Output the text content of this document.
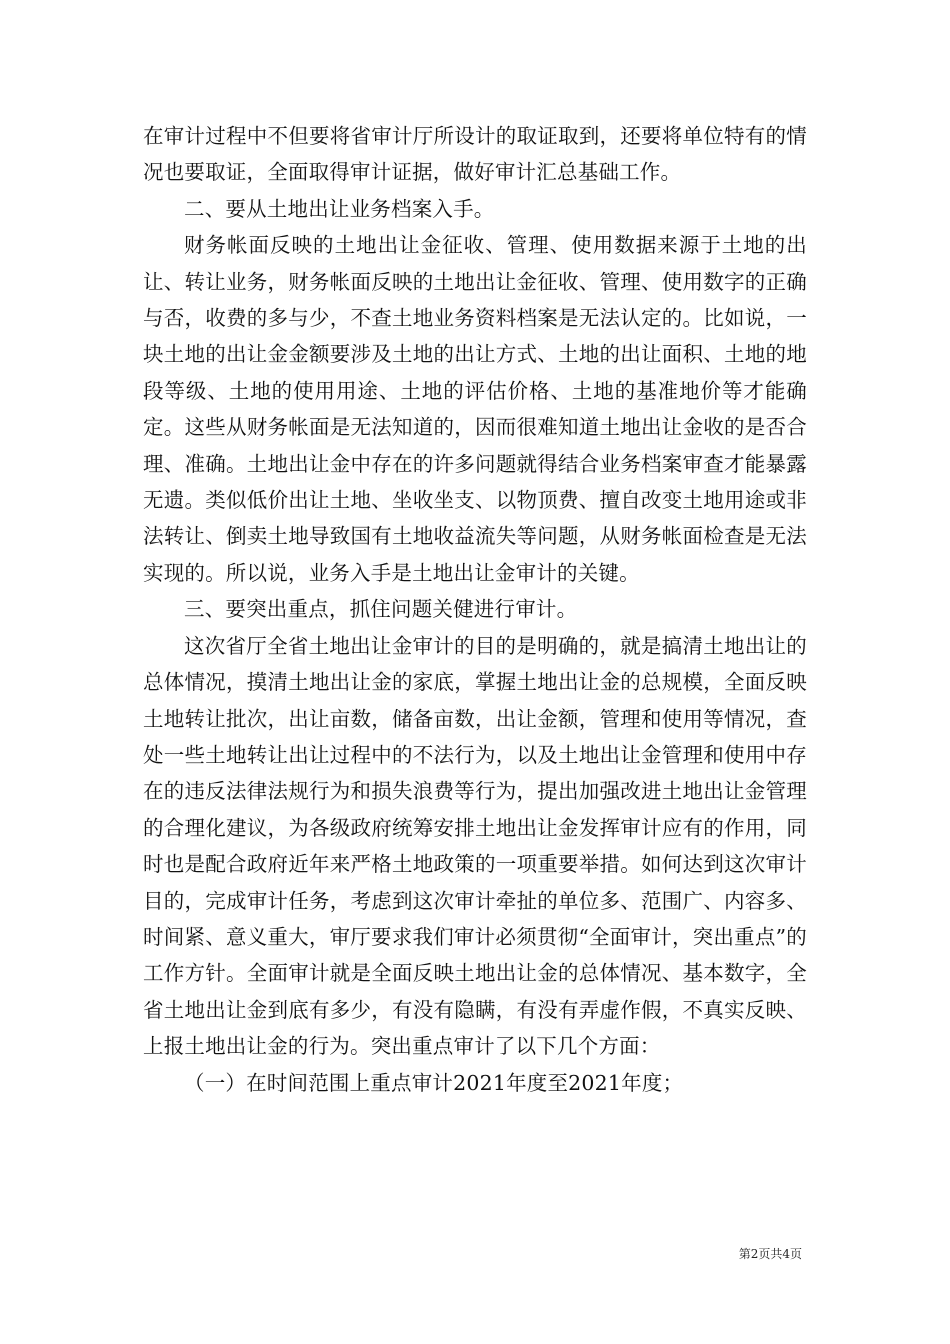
在审计过程中不但要将省审计厅所设计的取证取到，还要将单位特有的情况也要取证，全面取得审计证据，做好审计汇总基础工作。

二、要从土地出让业务档案入手。

财务帐面反映的土地出让金征收、管理、使用数据来源于土地的出让、转让业务，财务帐面反映的土地出让金征收、管理、使用数字的正确与否，收费的多与少，不查土地业务资料档案是无法认定的。比如说，一块土地的出让金金额要涉及土地的出让方式、土地的出让面积、土地的地段等级、土地的使用用途、土地的评估价格、土地的基准地价等才能确定。这些从财务帐面是无法知道的，因而很难知道土地出让金收的是否合理、准确。土地出让金中存在的许多问题就得结合业务档案审查才能暴露无遗。类似低价出让土地、坐收坐支、以物顶费、擅自改变土地用途或非法转让、倒卖土地导致国有土地收益流失等问题，从财务帐面检查是无法实现的。所以说，业务入手是土地出让金审计的关键。

三、要突出重点，抓住问题关健进行审计。

这次省厅全省土地出让金审计的目的是明确的，就是搞清土地出让的总体情况，摸清土地出让金的家底，掌握土地出让金的总规模，全面反映土地转让批次，出让亩数，储备亩数，出让金额，管理和使用等情况，查处一些土地转让出让过程中的不法行为，以及土地出让金管理和使用中存在的违反法律法规行为和损失浪费等行为，提出加强改进土地出让金管理的合理化建议，为各级政府统筹安排土地出让金发挥审计应有的作用，同时也是配合政府近年来严格土地政策的一项重要举措。如何达到这次审计目的，完成审计任务，考虑到这次审计牵扯的单位多、范围广、内容多、时间紧、意义重大，审厅要求我们审计必须贯彻“全面审计，突出重点”的工作方针。全面审计就是全面反映土地出让金的总体情况、基本数字，全省土地出让金到底有多少，有没有隐瞒，有没有弄虚作假，不真实反映、上报土地出让金的行为。突出重点审计了以下几个方面：

（一）在时间范围上重点审计2021年度至2021年度；

第2页共4页
